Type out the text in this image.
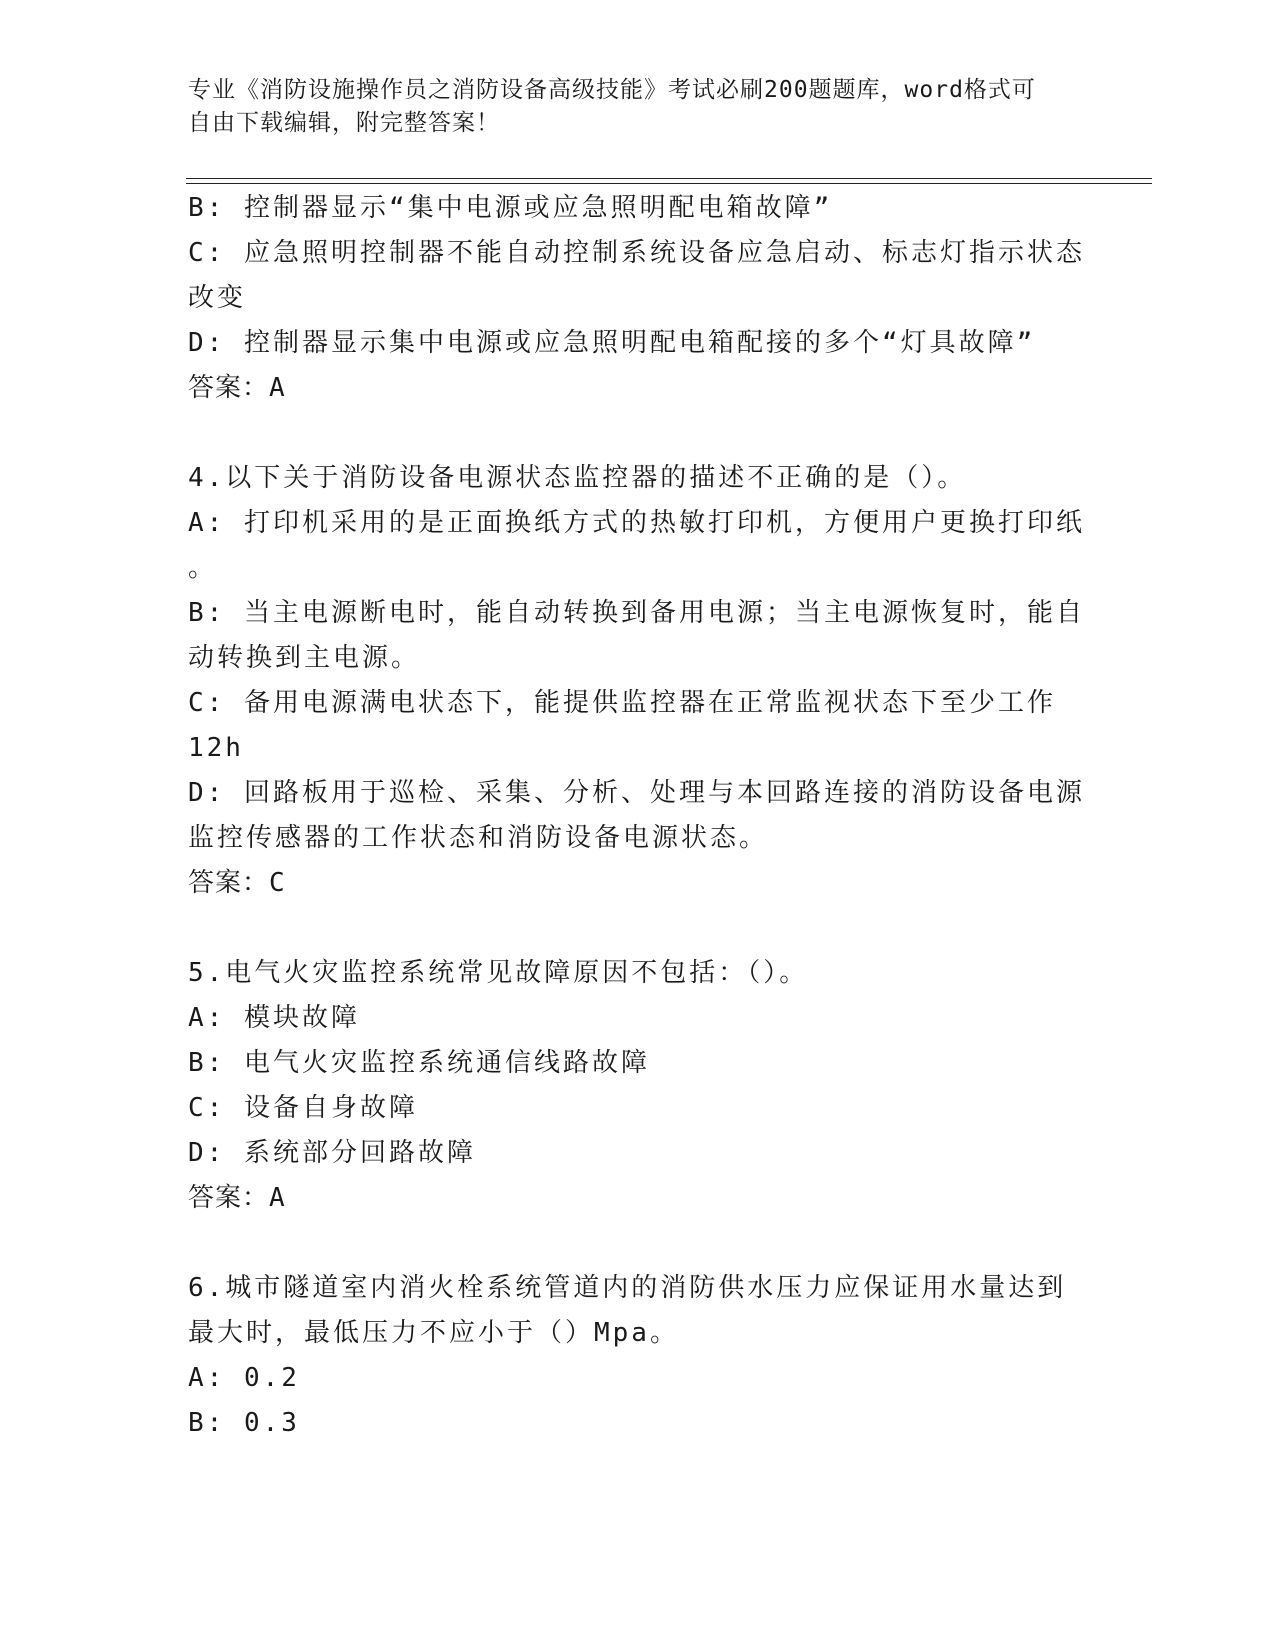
专业《消防设施操作员之消防设备高级技能》考试必刷200题题库，word格式可
自由下载编辑，附完整答案！
B: 控制器显示“集中电源或应急照明配电箱故障”
C: 应急照明控制器不能自动控制系统设备应急启动、标志灯指示状态
改变
D: 控制器显示集中电源或应急照明配电箱配接的多个“灯具故障”
答案：A
4.以下关于消防设备电源状态监控器的描述不正确的是（）。
A: 打印机采用的是正面换纸方式的热敏打印机，方便用户更换打印纸
。
B: 当主电源断电时，能自动转换到备用电源；当主电源恢复时，能自
动转换到主电源。
C: 备用电源满电状态下，能提供监控器在正常监视状态下至少工作
12h
D: 回路板用于巡检、采集、分析、处理与本回路连接的消防设备电源
监控传感器的工作状态和消防设备电源状态。
答案：C
5.电气火灾监控系统常见故障原因不包括：（）。
A: 模块故障
B: 电气火灾监控系统通信线路故障
C: 设备自身故障
D: 系统部分回路故障
答案：A
6.城市隧道室内消火栓系统管道内的消防供水压力应保证用水量达到
最大时，最低压力不应小于（）Mpa。
A: 0.2
B: 0.3
